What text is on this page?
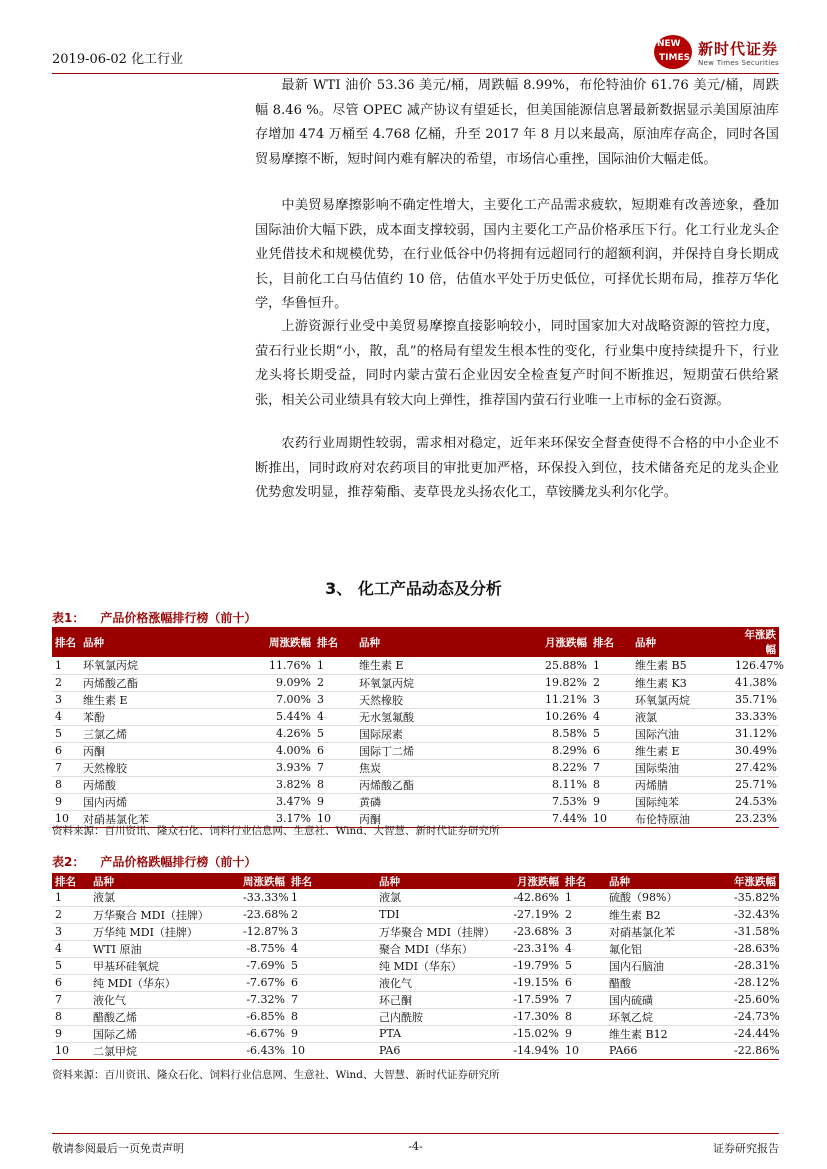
2019-06-02 化工行业
NEW
TIMES
新时代证券
New Times Securities

最新 WTI 油价 53.36 美元/桶，周跌幅 8.99%，布伦特油价 61.76 美元/桶，周跌幅 8.46 %。尽管 OPEC 减产协议有望延长，但美国能源信息署最新数据显示美国原油库存增加 474 万桶至 4.768 亿桶，升至 2017 年 8 月以来最高，原油库存高企，同时各国贸易摩擦不断，短时间内难有解决的希望，市场信心重挫，国际油价大幅走低。

中美贸易摩擦影响不确定性增大，主要化工产品需求疲软，短期难有改善迹象，叠加国际油价大幅下跌，成本面支撑较弱，国内主要化工产品价格承压下行。化工行业龙头企业凭借技术和规模优势，在行业低谷中仍将拥有远超同行的超额利润，并保持自身长期成长，目前化工白马估值约 10 倍，估值水平处于历史低位，可择优长期布局，推荐万华化学，华鲁恒升。

上游资源行业受中美贸易摩擦直接影响较小，同时国家加大对战略资源的管控力度，萤石行业长期“小，散，乱”的格局有望发生根本性的变化，行业集中度持续提升下，行业龙头将长期受益，同时内蒙古萤石企业因安全检查复产时间不断推迟，短期萤石供给紧张，相关公司业绩具有较大向上弹性，推荐国内萤石行业唯一上市标的金石资源。

农药行业周期性较弱，需求相对稳定，近年来环保安全督查使得不合格的中小企业不断推出，同时政府对农药项目的审批更加严格，环保投入到位，技术储备充足的龙头企业优势愈发明显，推荐菊酯、麦草畏龙头扬农化工，草铵膦龙头利尔化学。

3、 化工产品动态及分析
表1： 产品价格涨幅排行榜（前十）
排名	品种	周涨跌幅	排名	品种	月涨跌幅	排名	品种	年涨跌幅
1	环氧氯丙烷	11.76%	1	维生素 E	25.88%	1	维生素 B5	126.47%
2	丙烯酸乙酯	9.09%	2	环氧氯丙烷	19.82%	2	维生素 K3	41.38%
3	维生素 E	7.00%	3	天然橡胶	11.21%	3	环氧氯丙烷	35.71%
4	苯酚	5.44%	4	无水氢氟酸	10.26%	4	液氯	33.33%
5	三氯乙烯	4.26%	5	国际尿素	8.58%	5	国际汽油	31.12%
6	丙酮	4.00%	6	国际丁二烯	8.29%	6	维生素 E	30.49%
7	天然橡胶	3.93%	7	焦炭	8.22%	7	国际柴油	27.42%
8	丙烯酸	3.82%	8	丙烯酸乙酯	8.11%	8	丙烯腈	25.71%
9	国内丙烯	3.47%	9	黄磷	7.53%	9	国际纯苯	24.53%
10	对硝基氯化苯	3.17%	10	丙酮	7.44%	10	布伦特原油	23.23%
资料来源：百川资讯、隆众石化、饲料行业信息网、生意社、Wind、大智慧、新时代证券研究所
表2： 产品价格跌幅排行榜（前十）
排名	品种	周涨跌幅	排名	品种	月涨跌幅	排名	品种	年涨跌幅
1	液氯	-33.33%	1	液氯	-42.86%	1	硫酸（98%）	-35.82%
2	万华聚合 MDI（挂牌）	-23.68%	2	TDI	-27.19%	2	维生素 B2	-32.43%
3	万华纯 MDI（挂牌）	-12.87%	3	万华聚合 MDI（挂牌）	-23.68%	3	对硝基氯化苯	-31.58%
4	WTI 原油	-8.75%	4	聚合 MDI（华东）	-23.31%	4	氟化铝	-28.63%
5	甲基环硅氧烷	-7.69%	5	纯 MDI（华东）	-19.79%	5	国内石脑油	-28.31%
6	纯 MDI（华东）	-7.67%	6	液化气	-19.15%	6	醋酸	-28.12%
7	液化气	-7.32%	7	环己酮	-17.59%	7	国内硫磺	-25.60%
8	醋酸乙烯	-6.85%	8	己内酰胺	-17.30%	8	环氧乙烷	-24.73%
9	国际乙烯	-6.67%	9	PTA	-15.02%	9	维生素 B12	-24.44%
10	二氯甲烷	-6.43%	10	PA6	-14.94%	10	PA66	-22.86%
资料来源：百川资讯、隆众石化、饲料行业信息网、生意社、Wind、大智慧、新时代证券研究所
敬请参阅最后一页免责声明	-4-	证券研究报告
